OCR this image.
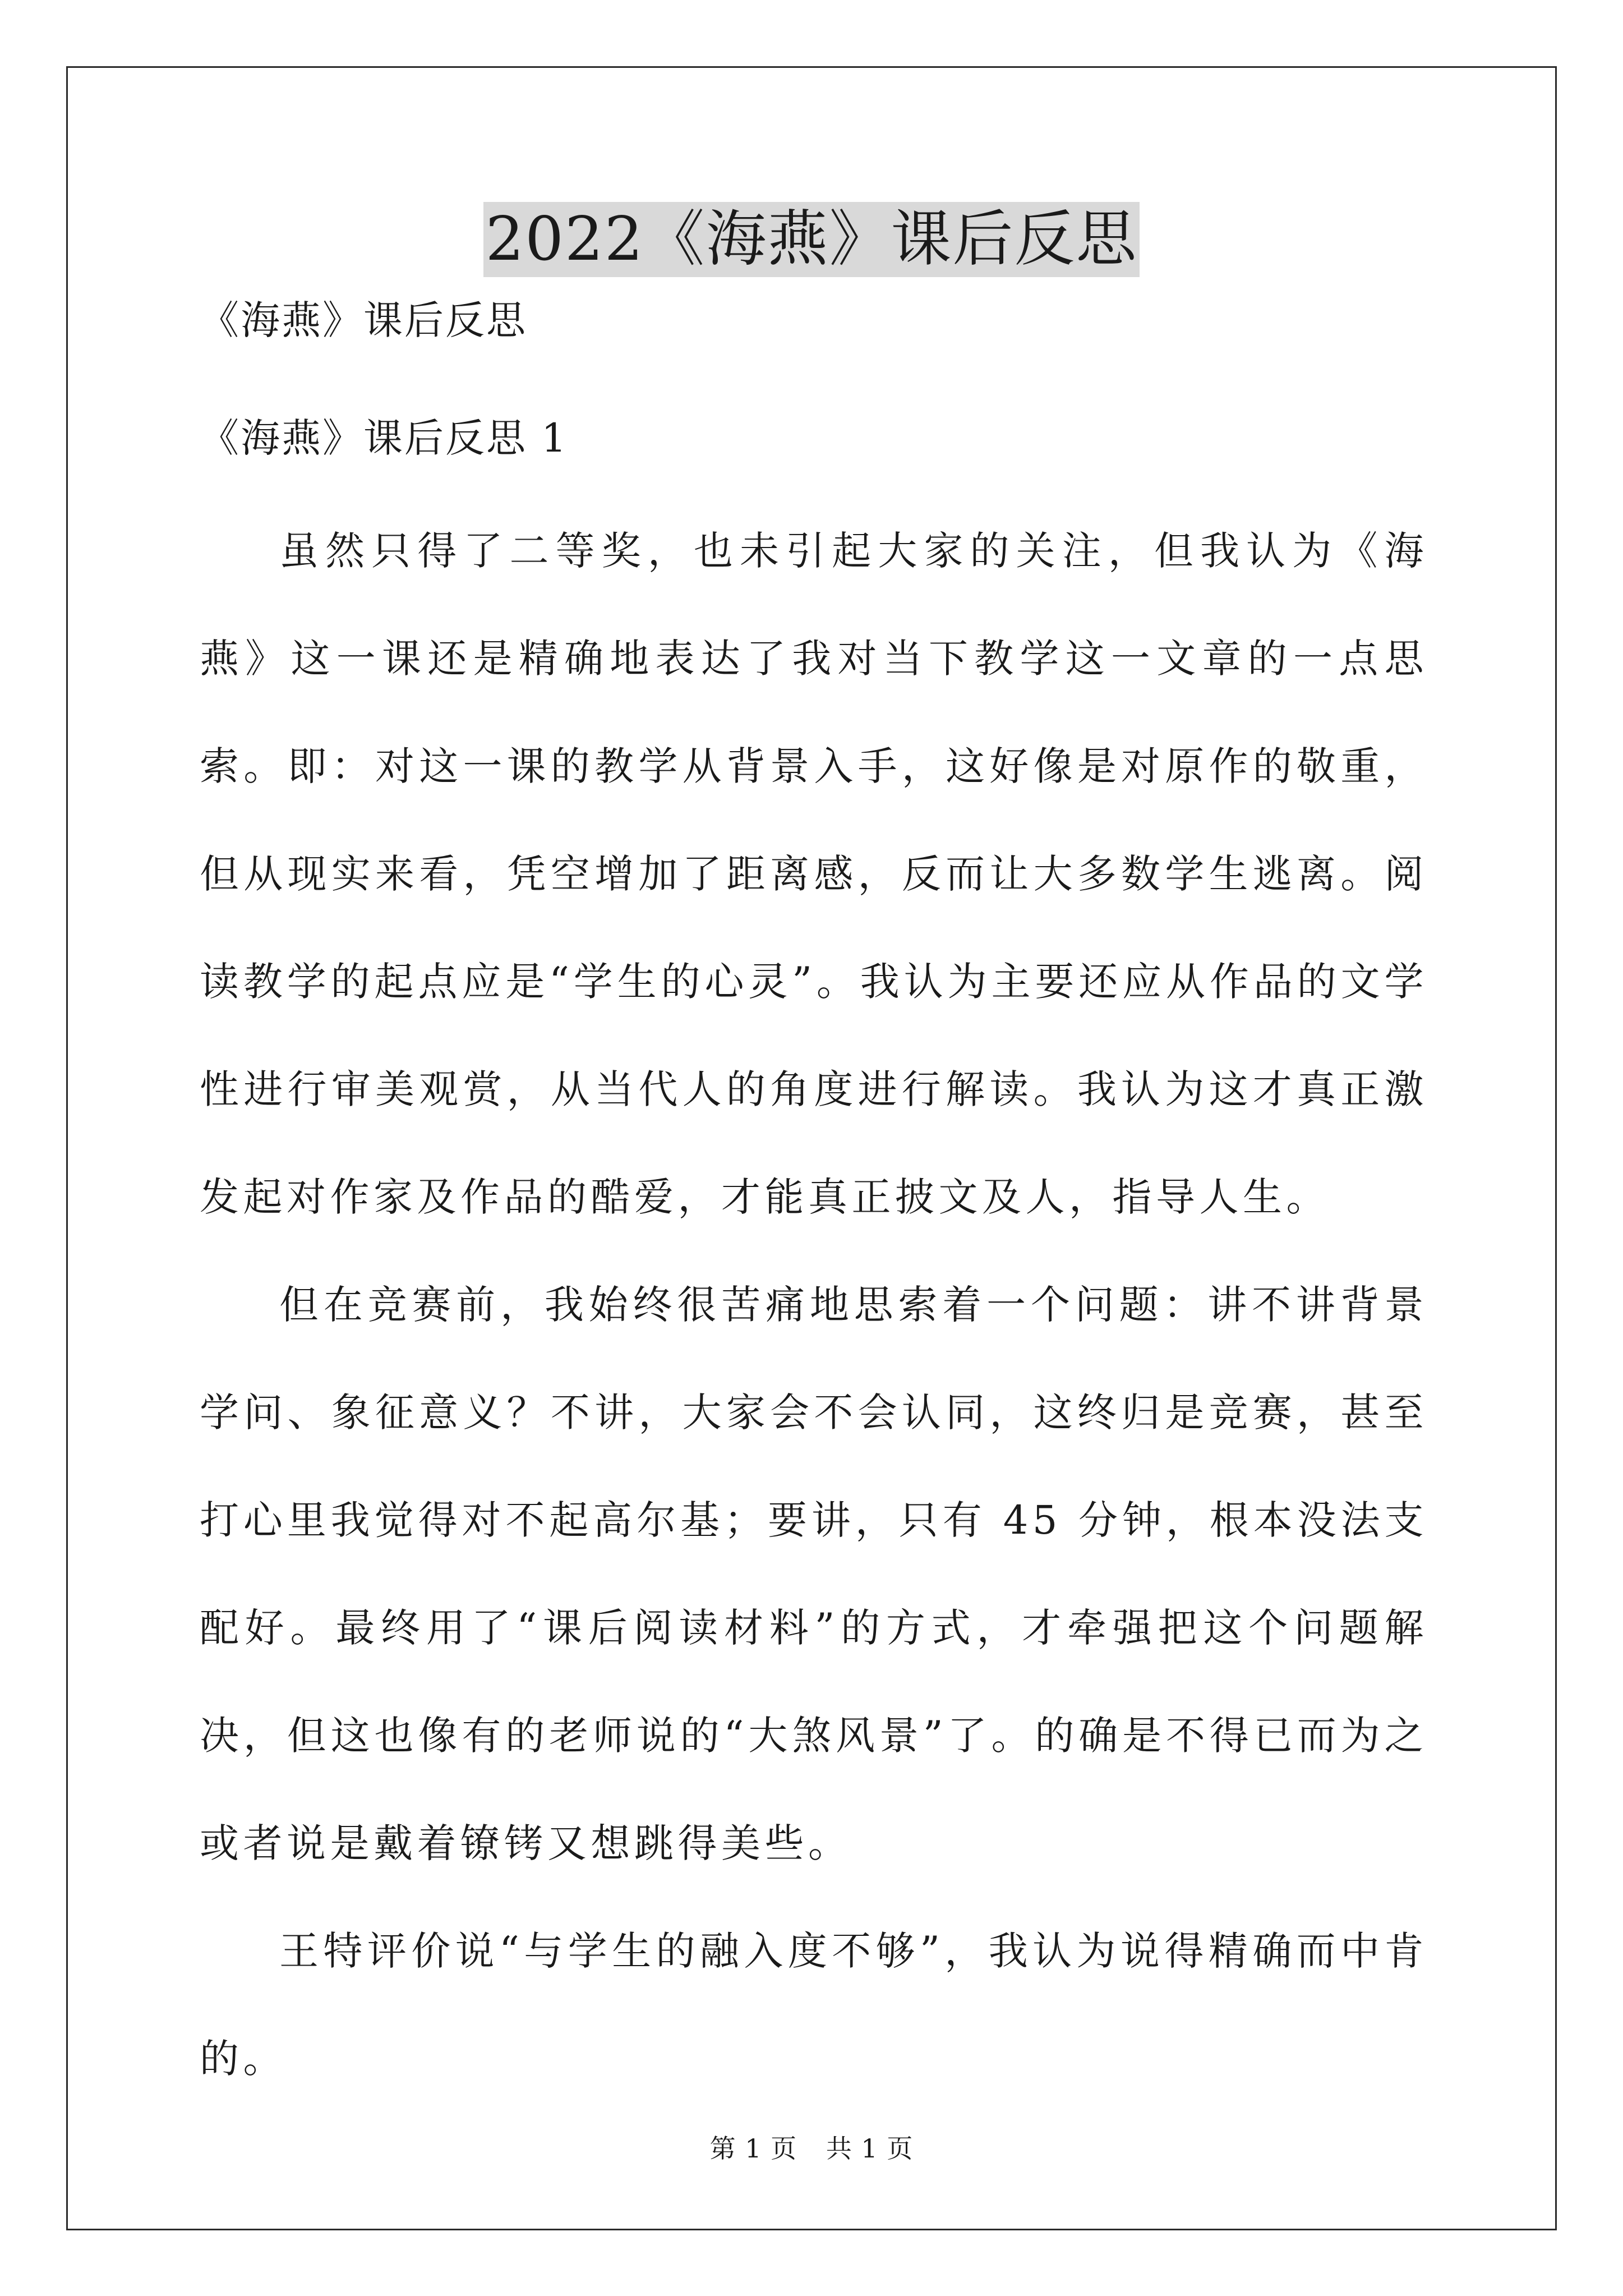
2022《海燕》课后反思

《海燕》课后反思

《海燕》课后反思 1

虽然只得了二等奖，也未引起大家的关注，但我认为《海燕》这一课还是精确地表达了我对当下教学这一文章的一点思索。即：对这一课的教学从背景入手，这好像是对原作的敬重，但从现实来看，凭空增加了距离感，反而让大多数学生逃离。阅读教学的起点应是“学生的心灵”。我认为主要还应从作品的文学性进行审美观赏，从当代人的角度进行解读。我认为这才真正激发起对作家及作品的酷爱，才能真正披文及人，指导人生。

但在竞赛前，我始终很苦痛地思索着一个问题：讲不讲背景学问、象征意义？不讲，大家会不会认同，这终归是竞赛，甚至打心里我觉得对不起高尔基；要讲，只有 45 分钟，根本没法支配好。最终用了“课后阅读材料”的方式，才牵强把这个问题解决，但这也像有的老师说的“大煞风景”了。的确是不得已而为之或者说是戴着镣铐又想跳得美些。

王特评价说“与学生的融入度不够”，我认为说得精确而中肯的。

第 1 页 共 1 页
